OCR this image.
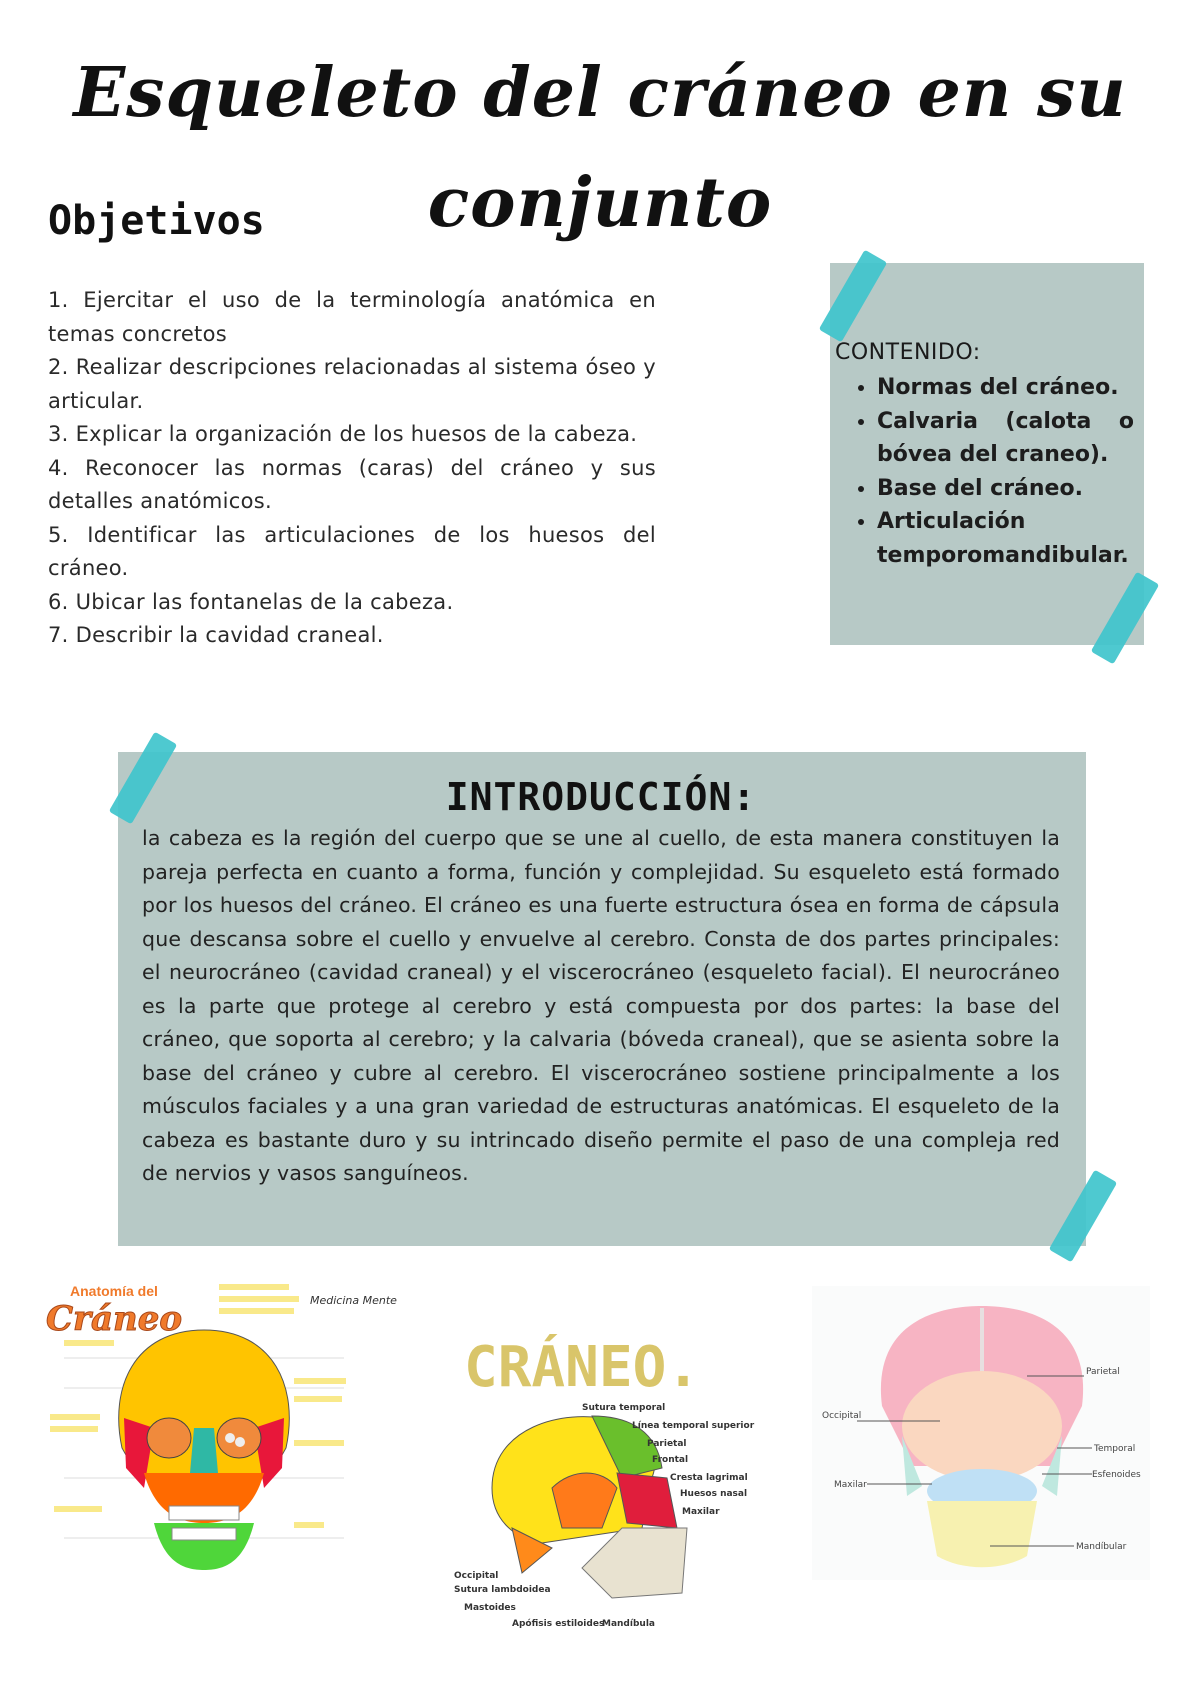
Esqueleto del cráneo en su conjunto
Objetivos
1. Ejercitar el uso de la terminología anatómica en temas concretos
2. Realizar descripciones relacionadas al sistema óseo y articular.
3. Explicar la organización de los huesos de la cabeza.
4. Reconocer las normas (caras) del cráneo y sus detalles anatómicos.
5. Identificar las articulaciones de los huesos del cráneo.
6. Ubicar las fontanelas de la cabeza.
7. Describir la cavidad craneal.
CONTENIDO:
• Normas del cráneo.
• Calvaria (calota o bóvea del craneo).
• Base del cráneo.
• Articulación temporomandibular.
INTRODUCCIÓN:

la cabeza es la región del cuerpo que se une al cuello, de esta manera constituyen la pareja perfecta en cuanto a forma, función y complejidad. Su esqueleto está formado por los huesos del cráneo. El cráneo es una fuerte estructura ósea en forma de cápsula que descansa sobre el cuello y envuelve al cerebro. Consta de dos partes principales: el neurocráneo (cavidad craneal) y el viscerocráneo (esqueleto facial). El neurocráneo es la parte que protege al cerebro y está compuesta por dos partes: la base del cráneo, que soporta al cerebro; y la calvaria (bóveda craneal), que se asienta sobre la base del cráneo y cubre al cerebro. El viscerocráneo sostiene principalmente a los músculos faciales y a una gran variedad de estructuras anatómicas. El esqueleto de la cabeza es bastante duro y su intrincado diseño permite el paso de una compleja red de nervios y vasos sanguíneos.

Anatomía del
Cráneo	Medicina Mente
CRÁNEO.
Sutura temporal
Línea temporal superior
Parietal
Frontal
Cresta lagrimal
Huesos nasal
Maxilar
Mandíbula
Apófisis estiloides
Occipital
Sutura lambdoidea
Mastoides
Parietal
Occipital
Temporal
Esfenoides
Maxilar
Mandíbular
